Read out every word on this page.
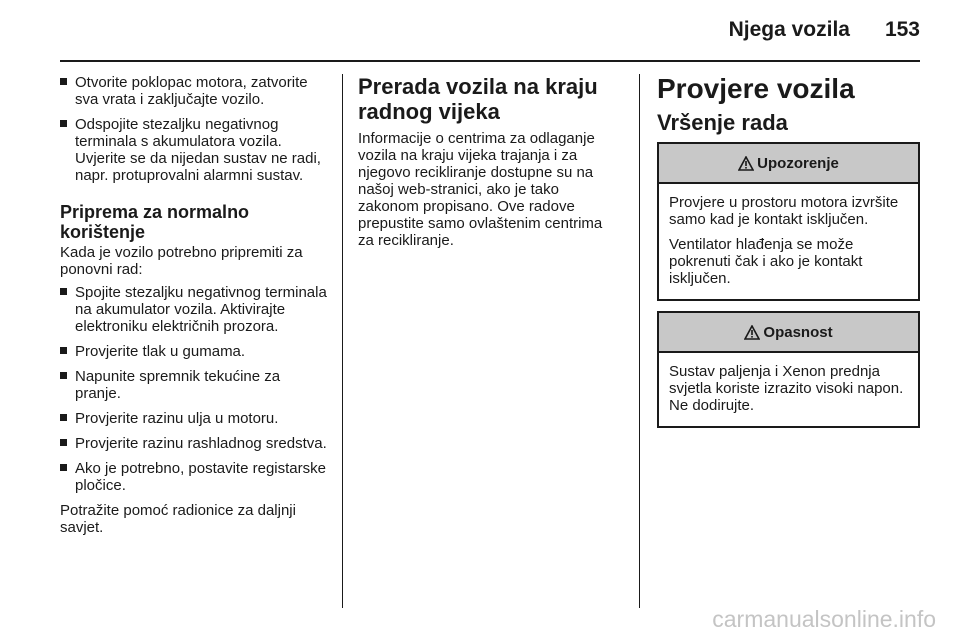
Njega vozila	153
Otvorite poklopac motora, zatvorite sva vrata i zaključajte vozilo.
Odspojite stezaljku negativnog terminala s akumulatora vozila. Uvjerite se da nijedan sustav ne radi, napr. protuprovalni alarmni sustav.
Priprema za normalno korištenje

Kada je vozilo potrebno pripremiti za ponovni rad:

Spojite stezaljku negativnog terminala na akumulator vozila. Aktivirajte elektroniku električnih prozora.
Provjerite tlak u gumama.
Napunite spremnik tekućine za pranje.
Provjerite razinu ulja u motoru.
Provjerite razinu rashladnog sredstva.
Ako je potrebno, postavite registarske pločice.

Potražite pomoć radionice za daljnji savjet.

Prerada vozila na kraju radnog vijeka

Informacije o centrima za odlaganje vozila na kraju vijeka trajanja i za njegovo recikliranje dostupne su na našoj web-stranici, ako je tako zakonom propisano. Ove radove prepustite samo ovlaštenim centrima za recikliranje.

Provjere vozila
Vršenje rada
Upozorenje

Provjere u prostoru motora izvršite samo kad je kontakt isključen.

Ventilator hlađenja se može pokrenuti čak i ako je kontakt isključen.

Opasnost

Sustav paljenja i Xenon prednja svjetla koriste izrazito visoki napon. Ne dodirujte.

carmanualsonline.info
